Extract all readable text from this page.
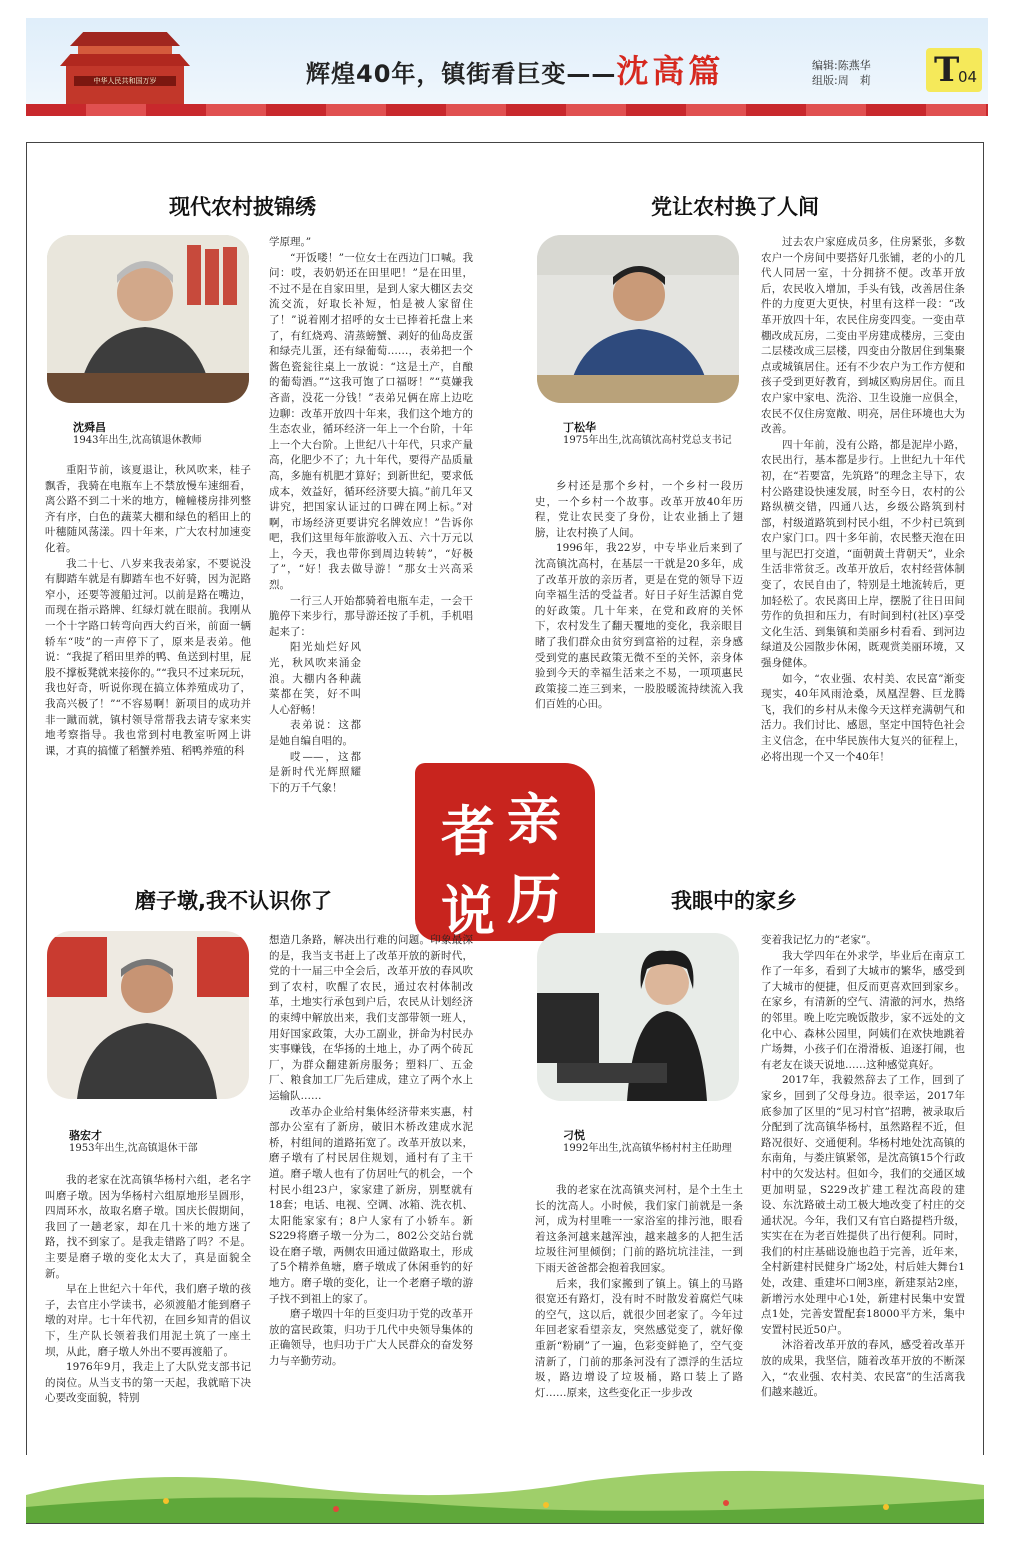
中华人民共和国万岁	辉煌40年，镇街看巨变——沈高篇	编辑:陈燕华
组版:周　莉 T
04
现代农村披锦绣
沈舜昌
1943年出生,沈高镇退休教师

重阳节前，该夏退让，秋风吹来，桂子飘香，我骑在电瓶车上不禁放慢车速细看，离公路不到二十米的地方，幢幢楼房排列整齐有序，白色的蔬菜大棚和绿色的稻田上的叶穗随风荡漾。四十年来，广大农村加速变化着。

我二十七、八岁来我表弟家，不要说没有脚踏车就是有脚踏车也不好骑，因为泥路窄小，还要等渡船过河。以前是路在嘴边，而现在指示路牌、红绿灯就在眼前。我刚从一个十字路口转弯向西大约百米，前面一辆轿车“吱”的一声停下了，原来是表弟。他说：“我捉了稻田里养的鸭、鱼送到村里，屁股不撑板凳就来接你的。”“我只不过来玩玩，我也好奇，听说你现在搞立体养殖成功了，我高兴极了！”“不容易啊！新项目的成功并非一蹴而就，镇村领导常帮我去请专家来实地考察指导。我也常到村电教室听网上讲课，才真的搞懂了稻蟹养殖、稻鸭养殖的科

学原理。”

“开饭喽！”一位女士在西边门口喊。我问：哎，表奶奶还在田里吧！”是在田里，不过不是在自家田里，是到人家大棚区去交流交流，好取长补短，怕是被人家留住了！”说着刚才招呼的女士已捧着托盘上来了，有红烧鸡、清蒸螃蟹、剥好的仙岛皮蛋和绿壳儿蛋，还有绿葡萄……，表弟把一个酱色瓷瓮往桌上一放说：“这是土产，自酿的葡萄酒。”“这我可饱了口福呀！”“莫嫌我吝啬，没花一分钱！”表弟兄俩在席上边吃边聊：改革开放四十年来，我们这个地方的生态农业，循环经济一年上一个台阶，十年上一个大台阶。上世纪八十年代，只求产量高，化肥少不了；九十年代，要得产品质量高，多施有机肥才算好；到新世纪，要求低成本，效益好，循环经济要大搞。”前几年又讲究，把国家认证过的口碑在网上标。”对啊，市场经济更要讲究名牌效应！”告诉你吧，我们这里每年旅游收入五、六十万元以上，今天，我也带你到周边转转”，“好极了”，“好！我去做导游！”那女士兴高采烈。

一行三人开始都骑着电瓶车走，一会干脆停下来步行，那导游还按了手机，手机唱起来了：

阳光灿烂好风光，秋风吹来涌金浪。大棚内各种蔬菜都在笑，好不叫人心舒畅！

表弟说：这都是她自编自唱的。

哎——，这都是新时代光辉照耀下的万千气象！

党让农村换了人间
丁松华
1975年出生,沈高镇沈高村党总支书记

乡村还是那个乡村，一个乡村一段历史，一个乡村一个故事。改革开放40年历程，党让农民变了身份，让农业插上了翅膀，让农村换了人间。

1996年，我22岁，中专毕业后来到了沈高镇沈高村，在基层一干就是20多年，成了改革开放的亲历者，更是在党的领导下迈向幸福生活的受益者。好日子好生活源自党的好政策。几十年来，在党和政府的关怀下，农村发生了翻天覆地的变化，我亲眼目睹了我们群众由贫穷到富裕的过程，亲身感受到党的惠民政策无微不至的关怀，亲身体验到今天的幸福生活来之不易，一项项惠民政策接二连三到来，一股股暖流持续流入我们百姓的心田。

过去农户家庭成员多，住房紧张，多数农户一个房间中要搭好几张铺，老的小的几代人同居一室，十分拥挤不便。改革开放后，农民收入增加，手头有钱，改善居住条件的力度更大更快，村里有这样一段：“改革开放四十年，农民住房变四变。一变由草棚改成瓦房，二变由平房建成楼房，三变由二层楼改成三层楼，四变由分散居住到集聚点或城镇居住。还有不少农户为工作方便和孩子受到更好教育，到城区购房居住。而且农户家中家电、洗浴、卫生设施一应俱全，农民不仅住房宽敞、明亮，居住环境也大为改善。

四十年前，没有公路，都是泥岸小路，农民出行，基本都是步行。上世纪九十年代初，在“若要富，先筑路”的理念主导下，农村公路建设快速发展，时至今日，农村的公路纵横交错，四通八达，乡级公路筑到村部，村级道路筑到村民小组，不少村已筑到农户家门口。四十多年前，农民整天泡在田里与泥巴打交道，“面朝黄土背朝天”，业余生活非常贫乏。改革开放后，农村经营体制变了，农民自由了，特别是土地流转后，更加轻松了。农民离田上岸，摆脱了往日田间劳作的负担和压力，有时间到村(社区)享受文化生活、到集镇和美丽乡村看看、到河边绿道及公园散步休闲，既观赏美丽环境，又强身健体。

如今，“农业强、农村美、农民富”渐变现实，40年风雨沧桑，凤凰涅磐、巨龙腾飞，我们的乡村从未像今天这样充满朝气和活力。我们讨比、感恩，坚定中国特色社会主义信念，在中华民族伟大复兴的征程上，必将出现一个又一个40年！

亲
历
者
说
磨子墩,我不认识你了
骆宏才
1953年出生,沈高镇退休干部

我的老家在沈高镇华杨村六组，老名字叫磨子墩。因为华杨村六组原地形呈圆形，四周环水，故取名磨子墩。国庆长假期间，我回了一趟老家，却在几十米的地方迷了路，找不到家了。是我走错路了吗？不是。主要是磨子墩的变化太大了，真是面貌全新。

早在上世纪六十年代，我们磨子墩的孩子，去官庄小学读书，必须渡船才能到磨子墩的对岸。七十年代初，在回乡知青的倡议下，生产队长领着我们用泥土筑了一座土坝，从此，磨子墩人外出不要再渡船了。

1976年9月，我走上了大队党支部书记的岗位。从当支书的第一天起，我就暗下决心要改变面貌，特别

想造几条路，解决出行难的问题。印象最深的是，我当支书赶上了改革开放的新时代，党的十一届三中全会后，改革开放的春风吹到了农村，吹醒了农民，通过农村体制改革，土地实行承包到户后，农民从计划经济的束缚中解放出来，我们支部带领一班人，用好国家政策，大办工副业，拼命为村民办实事赚钱，在华扬的土地上，办了两个砖瓦厂，为群众翻建新房服务；塑料厂、五金厂、粮食加工厂先后建成，建立了两个水上运输队……

改革办企业给村集体经济带来实惠，村部办公室有了新房，破旧木桥改建成水泥桥，村组间的道路拓宽了。改革开放以来，磨子墩有了村民居住规划，通村有了主干道。磨子墩人也有了仿居吐气的机会，一个村民小组23户，家家建了新房，别墅就有18套；电话、电视、空调、冰箱、洗衣机、太阳能家家有；8户人家有了小轿车。新S229将磨子墩一分为二，802公交站台就设在磨子墩，两侧农田通过做路取土，形成了5个精养鱼塘，磨子墩成了休闲垂钓的好地方。磨子墩的变化，让一个老磨子墩的游子找不到祖上的家了。

磨子墩四十年的巨变归功于党的改革开放的富民政策，归功于几代中央领导集体的正确领导，也归功于广大人民群众的奋发努力与辛勤劳动。

我眼中的家乡
刁悦
1992年出生,沈高镇华杨村村主任助理

我的老家在沈高镇夹河村，是个土生土长的沈高人。小时候，我们家门前就是一条河，成为村里唯一一家浴室的排污池，眼看着这条河越来越浑浊，越来越多的人把生活垃圾往河里倾倒；门前的路坑坑洼洼，一到下雨天爸爸都会抱着我回家。

后来，我们家搬到了镇上。镇上的马路很宽还有路灯，没有时不时散发着腐烂气味的空气，这以后，就很少回老家了。今年过年回老家看望亲友，突然感觉变了，就好像重新“粉刷”了一遍，色彩变鲜艳了，空气变清新了，门前的那条河没有了漂浮的生活垃圾，路边增设了垃圾桶，路口装上了路灯……原来，这些变化正一步步改

变着我记忆力的“老家”。

我大学四年在外求学，毕业后在南京工作了一年多，看到了大城市的繁华，感受到了大城市的便捷，但反而更喜欢回到家乡。在家乡，有清新的空气、清澈的河水，热络的邻里。晚上吃完晚饭散步，家不远处的文化中心、森林公园里，阿姨们在欢快地跳着广场舞，小孩子们在滑滑板、追逐打闹，也有老友在谈天说地……这种感觉真好。

2017年，我毅然辞去了工作，回到了家乡，回到了父母身边。很幸运，2017年底参加了区里的“见习村官”招聘，被录取后分配到了沈高镇华杨村，虽然路程不近，但路况很好、交通便利。华杨村地处沈高镇的东南角，与娄庄镇紧邻，是沈高镇15个行政村中的欠发达村。但如今，我们的交通区域更加明显，S229改扩建工程沈高段的建设、东沈路破土动工极大地改变了村庄的交通状况。今年，我们又有官白路提档升级，实实在在为老百姓提供了出行便利。同时，我们的村庄基础设施也趋于完善，近年来，全村新建村民健身广场2处，村后娃大舞台1处，改建、重建坏口闸3座，新建泵站2座，新增污水处理中心1处，新建村民集中安置点1处，完善安置配套18000平方米，集中安置村民近50户。

沐浴着改革开放的春风，感受着改革开放的成果，我坚信，随着改革开放的不断深入，“农业强、农村美、农民富”的生活离我们越来越近。
